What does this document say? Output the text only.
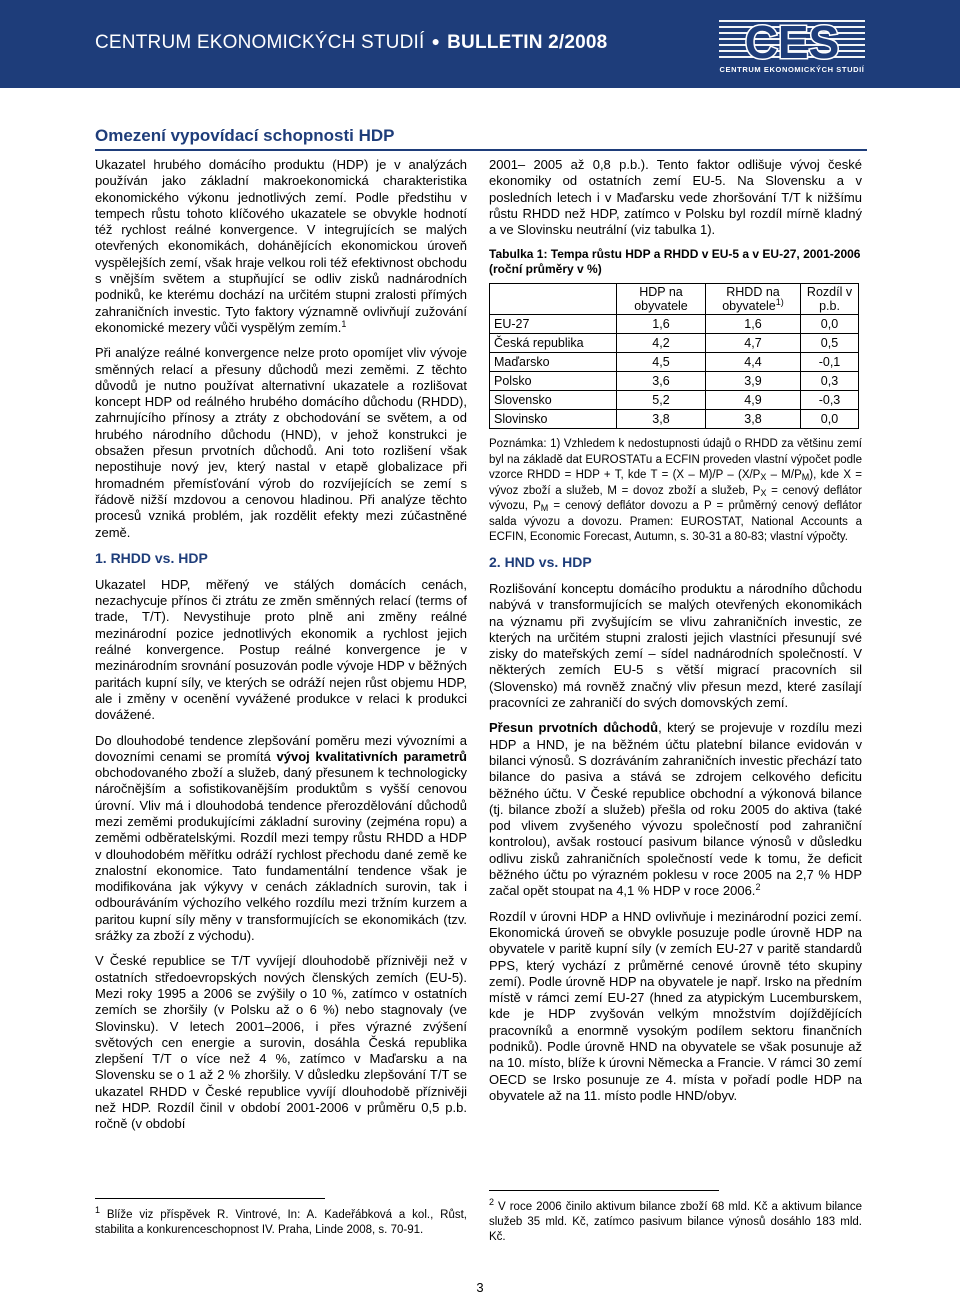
CENTRUM EKONOMICKÝCH STUDIÍ ● BULLETIN 2/2008	CES
CENTRUM EKONOMICKÝCH STUDIÍ
Omezení vypovídací schopnosti HDP

Ukazatel hrubého domácího produktu (HDP) je v analýzách používán jako základní makroekonomická charakteristika ekonomického výkonu jednotlivých zemí. Podle předstihu v tempech růstu tohoto klíčového ukazatele se obvykle hodnotí též rychlost reálné konvergence. V integrujících se malých otevřených ekonomikách, dohánějících ekonomickou úroveň vyspělejších zemí, však hraje velkou roli též efektivnost obchodu s vnějším světem a stupňující se odliv zisků nadnárodních podniků, ke kterému dochází na určitém stupni zralosti přímých zahraničních investic. Tyto faktory významně ovlivňují zužování ekonomické mezery vůči vyspělým zemím.$^1$

Při analýze reálné konvergence nelze proto opomíjet vliv vývoje směnných relací a přesuny důchodů mezi zeměmi. Z těchto důvodů je nutno používat alternativní ukazatele a rozlišovat koncept HDP od reálného hrubého domácího důchodu (RHDD), zahrnujícího přínosy a ztráty z obchodování se světem, a od hrubého národního důchodu (HND), v jehož konstrukci je obsažen přesun prvotních důchodů. Ani toto rozlišení však nepostihuje nový jev, který nastal v etapě globalizace při hromadném přemísťování výrob do rozvíjejících se zemí s řádově nižší mzdovou a cenovou hladinou. Při analýze těchto procesů vzniká problém, jak rozdělit efekty mezi zúčastněné země.

1. RHDD vs. HDP

Ukazatel HDP, měřený ve stálých domácích cenách, nezachycuje přínos či ztrátu ze změn směnných relací (terms of trade, T/T). Nevystihuje proto plně ani změny reálné mezinárodní pozice jednotlivých ekonomik a rychlost jejich reálné konvergence. Postup reálné konvergence je v mezinárodním srovnání posuzován podle vývoje HDP v běžných paritách kupní síly, ve kterých se odráží nejen růst objemu HDP, ale i změny v ocenění vyvážené produkce v relaci k produkci dovážené.

Do dlouhodobé tendence zlepšování poměru mezi vývozními a dovozními cenami se promítá vývoj kvalitativních parametrů obchodovaného zboží a služeb, daný přesunem k technologicky náročnějším a sofistikovanějším produktům s vyšší cenovou úrovní. Vliv má i dlouhodobá tendence přerozdělování důchodů mezi zeměmi produkujícími základní suroviny (zejména ropu) a zeměmi odběratelskými. Rozdíl mezi tempy růstu RHDD a HDP v dlouhodobém měřítku odráží rychlost přechodu dané země ke znalostní ekonomice. Tato fundamentální tendence však je modifikována jak výkyvy v cenách základních surovin, tak i odbouráváním výchozího velkého rozdílu mezi tržním kurzem a paritou kupní síly měny v transformujících se ekonomikách (tzv. srážky za zboží z východu).

V České republice se T/T vyvíjejí dlouhodobě příznivěji než v ostatních středoevropských nových členských zemích (EU-5). Mezi roky 1995 a 2006 se zvýšily o 10 %, zatímco v ostatních zemích se zhoršily (v Polsku až o 6 %) nebo stagnovaly (ve Slovinsku). V letech 2001–2006, i přes výrazné zvýšení světových cen energie a surovin, dosáhla Česká republika zlepšení T/T o více než 4 %, zatímco v Maďarsku a na Slovensku se o 1 až 2 % zhoršily. V důsledku zlepšování T/T se ukazatel RHDD v České republice vyvíjí dlouhodobě příznivěji než HDP. Rozdíl činil v období 2001-2006 v průměru 0,5 p.b. ročně (v období

$^1$ Blíže viz příspěvek R. Vintrové, In: A. Kadeřábková a kol., Růst, stabilita a konkurenceschopnost IV. Praha, Linde 2008, s. 70-91.

2001– 2005 až 0,8 p.b.). Tento faktor odlišuje vývoj české ekonomiky od ostatních zemí EU-5. Na Slovensku a v posledních letech i v Maďarsku vede zhoršování T/T k nižšímu růstu RHDD než HDP, zatímco v Polsku byl rozdíl mírně kladný a ve Slovinsku neutrální (viz tabulka 1).

Tabulka 1: Tempa růstu HDP a RHDD v EU-5 a v EU-27, 2001-2006 (roční průměry v %)
	HDP na obyvatele	RHDD na obyvatele$^{1)}$	Rozdíl v p.b.
EU-27	1,6	1,6	0,0
Česká republika	4,2	4,7	0,5
Maďarsko	4,5	4,4	-0,1
Polsko	3,6	3,9	0,3
Slovensko	5,2	4,9	-0,3
Slovinsko	3,8	3,8	0,0
Poznámka: 1) Vzhledem k nedostupnosti údajů o RHDD za většinu zemí byl na základě dat EUROSTATu a ECFIN proveden vlastní výpočet podle vzorce RHDD = HDP + T, kde $T = (X - M)/P - (X/P_X - M/P_M)$, kde X = vývoz zboží a služeb, M = dovoz zboží a služeb, $P_X$ = cenový deflátor vývozu, $P_M$ = cenový deflátor dovozu a P = průměrný cenový deflátor salda vývozu a dovozu. Pramen: EUROSTAT, National Accounts a ECFIN, Economic Forecast, Autumn, s. 30-31 a 80-83; vlastní výpočty.
2. HND vs. HDP

Rozlišování konceptu domácího produktu a národního důchodu nabývá v transformujících se malých otevřených ekonomikách na významu při zvyšujícím se vlivu zahraničních investic, ze kterých na určitém stupni zralosti jejich vlastníci přesunují své zisky do mateřských zemí – sídel nadnárodních společností. V některých zemích EU-5 s větší migrací pracovních sil (Slovensko) má rovněž značný vliv přesun mezd, které zasílají pracovníci ze zahraničí do svých domovských zemí.

Přesun prvotních důchodů, který se projevuje v rozdílu mezi HDP a HND, je na běžném účtu platební bilance evidován v bilanci výnosů. S dozráváním zahraničních investic přechází tato bilance do pasiva a stává se zdrojem celkového deficitu běžného účtu. V České republice obchodní a výkonová bilance (tj. bilance zboží a služeb) přešla od roku 2005 do aktiva (také pod vlivem zvyšeného vývozu společností pod zahraniční kontrolou), avšak rostoucí pasivum bilance výnosů v důsledku odlivu zisků zahraničních společností vede k tomu, že deficit běžného účtu po výrazném poklesu v roce 2005 na 2,7 % HDP začal opět stoupat na 4,1 % HDP v roce 2006.$^2$

Rozdíl v úrovni HDP a HND ovlivňuje i mezinárodní pozici zemí. Ekonomická úroveň se obvykle posuzuje podle úrovně HDP na obyvatele v paritě kupní síly (v zemích EU-27 v paritě standardů PPS, který vychází z průměrné cenové úrovně této skupiny zemí). Podle úrovně HDP na obyvatele je např. Irsko na předním místě v rámci zemí EU-27 (hned za atypickým Lucemburskem, kde je HDP zvyšován velkým množstvím dojíždějících pracovníků a enormně vysokým podílem sektoru finančních podniků). Podle úrovně HND na obyvatele se však posunuje až na 10. místo, blíže k úrovni Německa a Francie. V rámci 30 zemí OECD se Irsko posunuje ze 4. místa v pořadí podle HDP na obyvatele až na 11. místo podle HND/obyv.

$^2$ V roce 2006 činilo aktivum bilance zboží 68 mld. Kč a aktivum bilance služeb 35 mld. Kč, zatímco pasivum bilance výnosů dosáhlo 183 mld. Kč.
3
